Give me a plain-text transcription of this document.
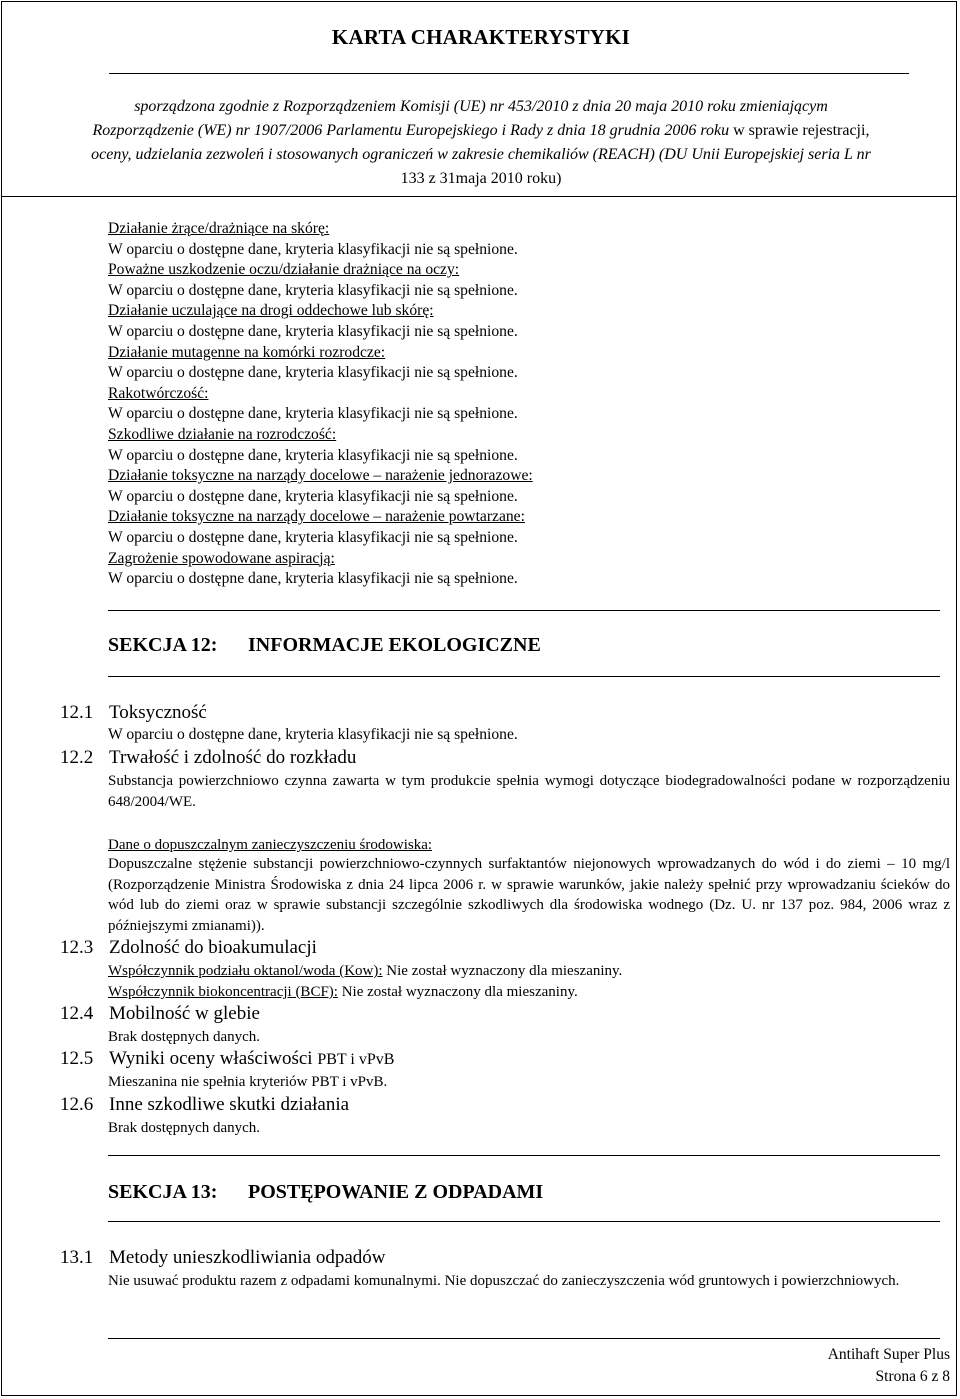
KARTA CHARAKTERYSTYKI
sporządzona zgodnie z Rozporządzeniem Komisji (UE) nr 453/2010 z dnia 20 maja 2010 roku zmieniającym
Rozporządzenie (WE) nr 1907/2006 Parlamentu Europejskiego i Rady z dnia 18 grudnia 2006 roku w sprawie rejestracji,
oceny, udzielania zezwoleń i stosowanych ograniczeń w zakresie chemikaliów (REACH) (DU Unii Europejskiej seria L nr
133 z 31maja 2010 roku)
Działanie żrące/drażniące na skórę:
W oparciu o dostępne dane, kryteria klasyfikacji nie są spełnione.
Poważne uszkodzenie oczu/działanie drażniące na oczy:
W oparciu o dostępne dane, kryteria klasyfikacji nie są spełnione.
Działanie uczulające na drogi oddechowe lub skórę:
W oparciu o dostępne dane, kryteria klasyfikacji nie są spełnione.
Działanie mutagenne na komórki rozrodcze:
W oparciu o dostępne dane, kryteria klasyfikacji nie są spełnione.
Rakotwórczość:
W oparciu o dostępne dane, kryteria klasyfikacji nie są spełnione.
Szkodliwe działanie na rozrodczość:
W oparciu o dostępne dane, kryteria klasyfikacji nie są spełnione.
Działanie toksyczne na narządy docelowe – narażenie jednorazowe:
W oparciu o dostępne dane, kryteria klasyfikacji nie są spełnione.
Działanie toksyczne na narządy docelowe – narażenie powtarzane:
W oparciu o dostępne dane, kryteria klasyfikacji nie są spełnione.
Zagrożenie spowodowane aspiracją:
W oparciu o dostępne dane, kryteria klasyfikacji nie są spełnione.
SEKCJA 12: INFORMACJE EKOLOGICZNE
12.1 Toksyczność
W oparciu o dostępne dane, kryteria klasyfikacji nie są spełnione.
12.2 Trwałość i zdolność do rozkładu
Substancja powierzchniowo czynna zawarta w tym produkcie spełnia wymogi dotyczące biodegradowalności podane w rozporządzeniu 648/2004/WE.
Dane o dopuszczalnym zanieczyszczeniu środowiska:
Dopuszczalne stężenie substancji powierzchniowo-czynnych surfaktantów niejonowych wprowadzanych do wód i do ziemi – 10 mg/l (Rozporządzenie Ministra Środowiska z dnia 24 lipca 2006 r. w sprawie warunków, jakie należy spełnić przy wprowadzaniu ścieków do wód lub do ziemi oraz w sprawie substancji szczególnie szkodliwych dla środowiska wodnego (Dz. U. nr 137 poz. 984, 2006 wraz z późniejszymi zmianami)).
12.3 Zdolność do bioakumulacji
Współczynnik podziału oktanol/woda (Kow): Nie został wyznaczony dla mieszaniny.
Współczynnik biokoncentracji (BCF): Nie został wyznaczony dla mieszaniny.
12.4 Mobilność w glebie
Brak dostępnych danych.
12.5 Wyniki oceny właściwości PBT i vPvB
Mieszanina nie spełnia kryteriów PBT i vPvB.
12.6 Inne szkodliwe skutki działania
Brak dostępnych danych.
SEKCJA 13: POSTĘPOWANIE Z ODPADAMI
13.1 Metody unieszkodliwiania odpadów
Nie usuwać produktu razem z odpadami komunalnymi. Nie dopuszczać do zanieczyszczenia wód gruntowych i powierzchniowych.
Antihaft Super Plus
Strona 6 z 8
